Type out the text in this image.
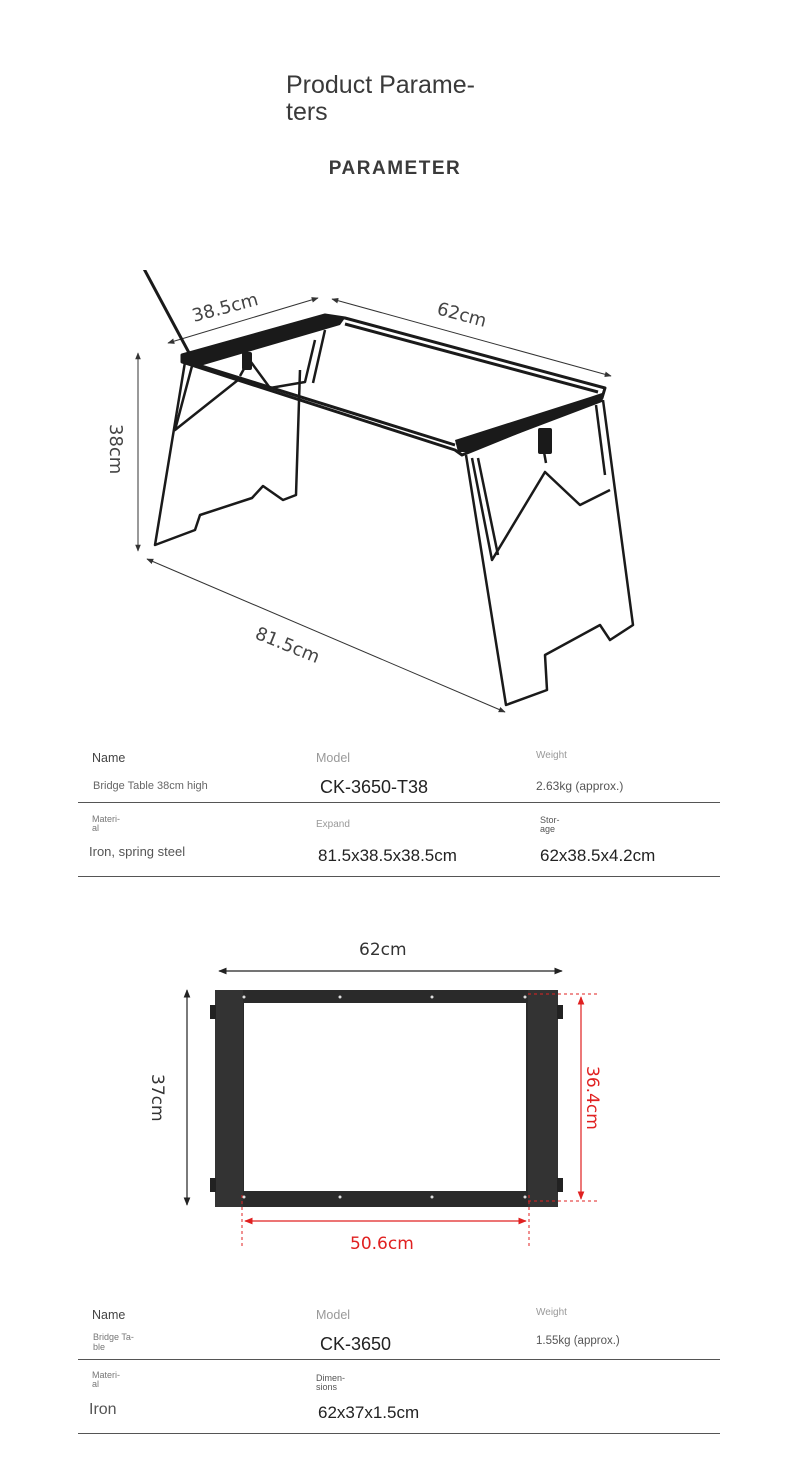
Product Parame- ters
PARAMETER
38.5cm	62cm
38cm
81.5cm
Name
Bridge Table 38cm high
Model
CK-3650-T38
Weight
2.63kg (approx.)
Materi-
al
Iron, spring steel
Expand
81.5x38.5x38.5cm
Stor-
age
62x38.5x4.2cm
62cm
37cm	36.4cm
50.6cm
Name
Bridge Ta-
ble
Model
CK-3650
Weight
1.55kg (approx.)
Materi-
al
Iron
Dimen-
sions
62x37x1.5cm
